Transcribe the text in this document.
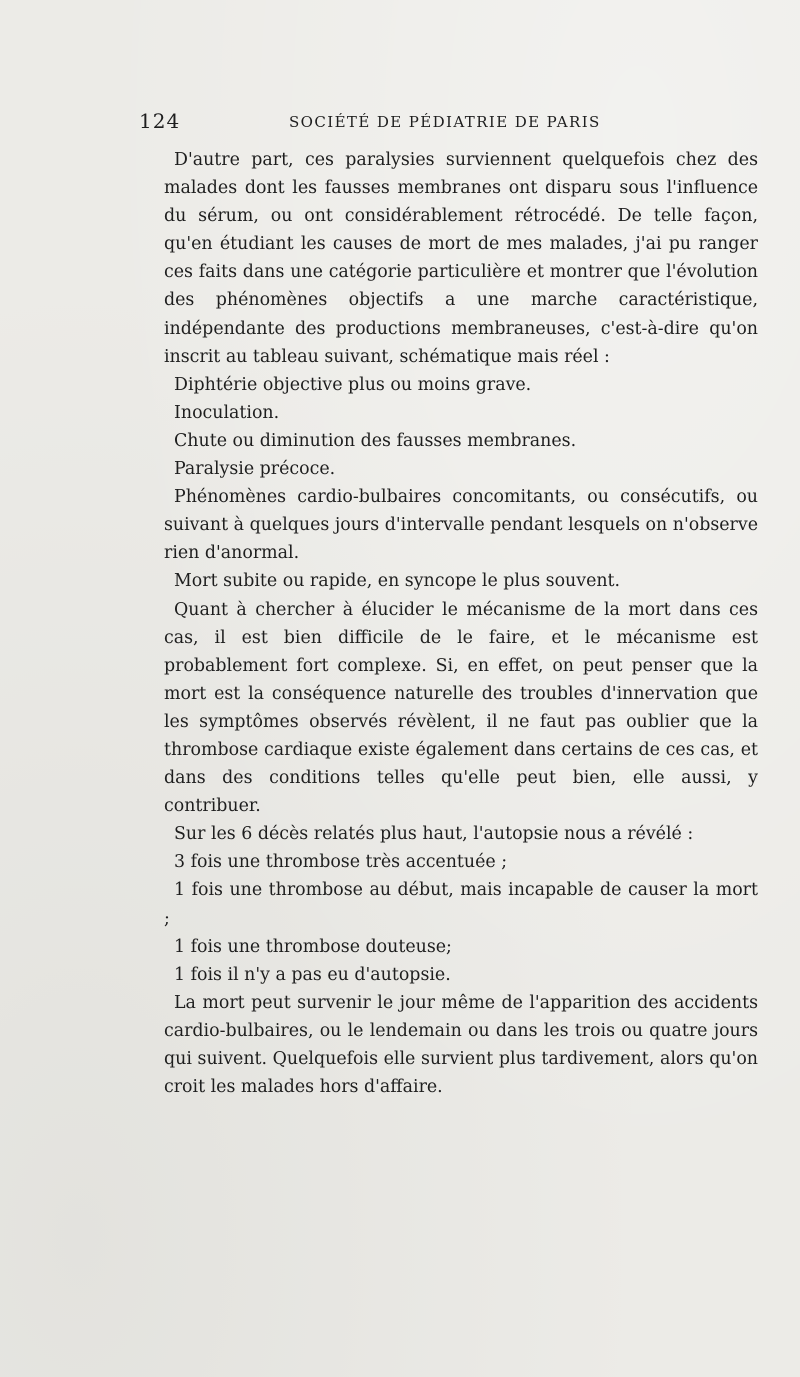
124	SOCIÉTÉ DE PÉDIATRIE DE PARIS

D'autre part, ces paralysies surviennent quelquefois chez des malades dont les fausses membranes ont disparu sous l'influence du sérum, ou ont considérablement rétrocédé. De telle façon, qu'en étudiant les causes de mort de mes malades, j'ai pu ranger ces faits dans une catégorie particulière et montrer que l'évolution des phénomènes objectifs a une marche caractéristique, indépendante des productions membraneuses, c'est-à-dire qu'on inscrit au tableau suivant, schématique mais réel :

Diphtérie objective plus ou moins grave.

Inoculation.

Chute ou diminution des fausses membranes.

Paralysie précoce.

Phénomènes cardio-bulbaires concomitants, ou consécutifs, ou suivant à quelques jours d'intervalle pendant lesquels on n'observe rien d'anormal.

Mort subite ou rapide, en syncope le plus souvent.

Quant à chercher à élucider le mécanisme de la mort dans ces cas, il est bien difficile de le faire, et le mécanisme est probablement fort complexe. Si, en effet, on peut penser que la mort est la conséquence naturelle des troubles d'innervation que les symptômes observés révèlent, il ne faut pas oublier que la thrombose cardiaque existe également dans certains de ces cas, et dans des conditions telles qu'elle peut bien, elle aussi, y contribuer.

Sur les 6 décès relatés plus haut, l'autopsie nous a révélé :

3 fois une thrombose très accentuée ;

1 fois une thrombose au début, mais incapable de causer la mort ;

1 fois une thrombose douteuse;

1 fois il n'y a pas eu d'autopsie.

La mort peut survenir le jour même de l'apparition des accidents cardio-bulbaires, ou le lendemain ou dans les trois ou quatre jours qui suivent. Quelquefois elle survient plus tardivement, alors qu'on croit les malades hors d'affaire.
